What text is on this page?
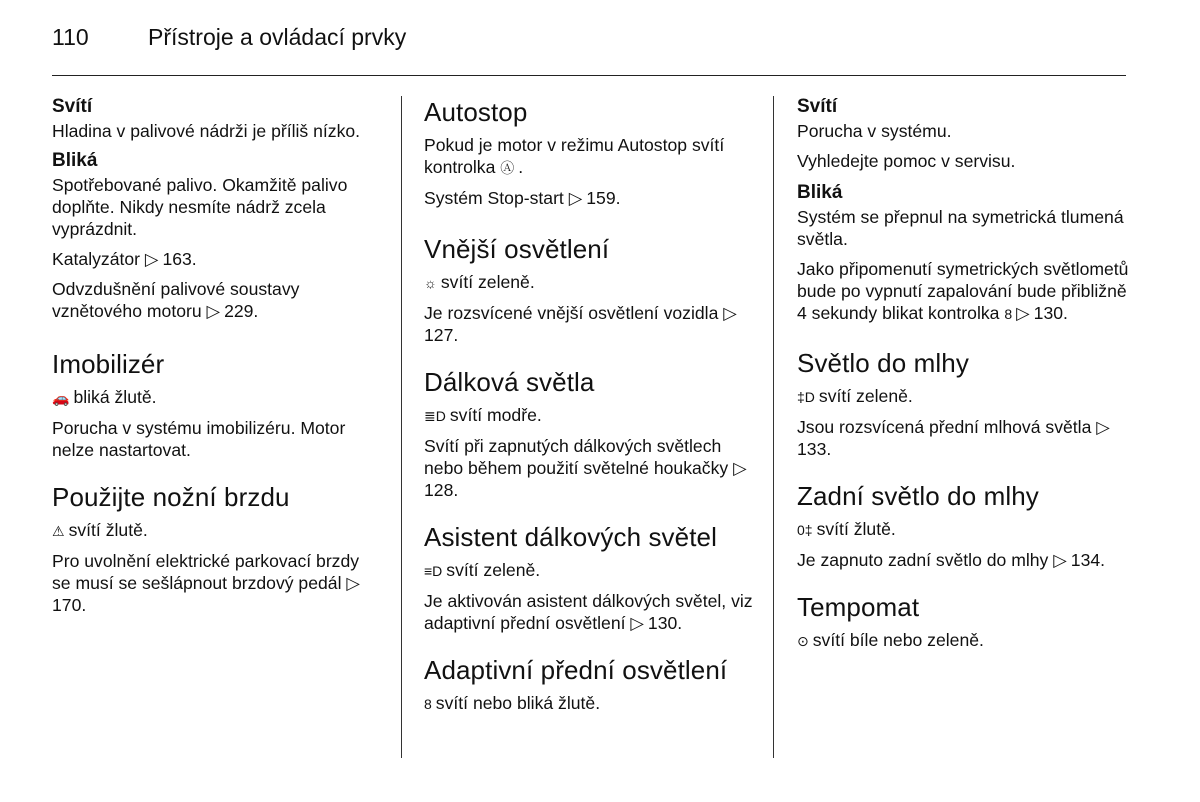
110	Přístroje a ovládací prvky
Svítí
Hladina v palivové nádrži je příliš nízko.
Bliká
Spotřebované palivo. Okamžitě palivo doplňte. Nikdy nesmíte nádrž zcela vyprázdnit.
Katalyzátor ▷ 163.
Odvzdušnění palivové soustavy vznětového motoru ▷ 229.
Imobilizér
🚗 bliká žlutě.
Porucha v systému imobilizéru. Motor nelze nastartovat.
Použijte nožní brzdu
⚠ svítí žlutě.
Pro uvolnění elektrické parkovací brzdy se musí se sešlápnout brzdový pedál ▷170.
Autostop
Pokud je motor v režimu Autostop svítí kontrolka Ⓐ .
Systém Stop-start ▷ 159.
Vnější osvětlení
☼ svítí zeleně.
Je rozsvícené vnější osvětlení vozidla ▷127.
Dálková světla
≣D svítí modře.
Svítí při zapnutých dálkových světlech nebo během použití světelné houkačky ▷128.
Asistent dálkových světel
≡D svítí zeleně.
Je aktivován asistent dálkových světel, viz adaptivní přední osvětlení ▷ 130.
Adaptivní přední osvětlení
8 svítí nebo bliká žlutě.
Svítí
Porucha v systému.
Vyhledejte pomoc v servisu.
Bliká
Systém se přepnul na symetrická tlumená světla.
Jako připomenutí symetrických světlometů bude po vypnutí zapalování bude přibližně 4 sekundy blikat kontrolka 8 ▷ 130.
Světlo do mlhy
‡D svítí zeleně.
Jsou rozsvícená přední mlhová světla ▷133.
Zadní světlo do mlhy
0‡ svítí žlutě.
Je zapnuto zadní světlo do mlhy ▷ 134.
Tempomat
⊙ svítí bíle nebo zeleně.
